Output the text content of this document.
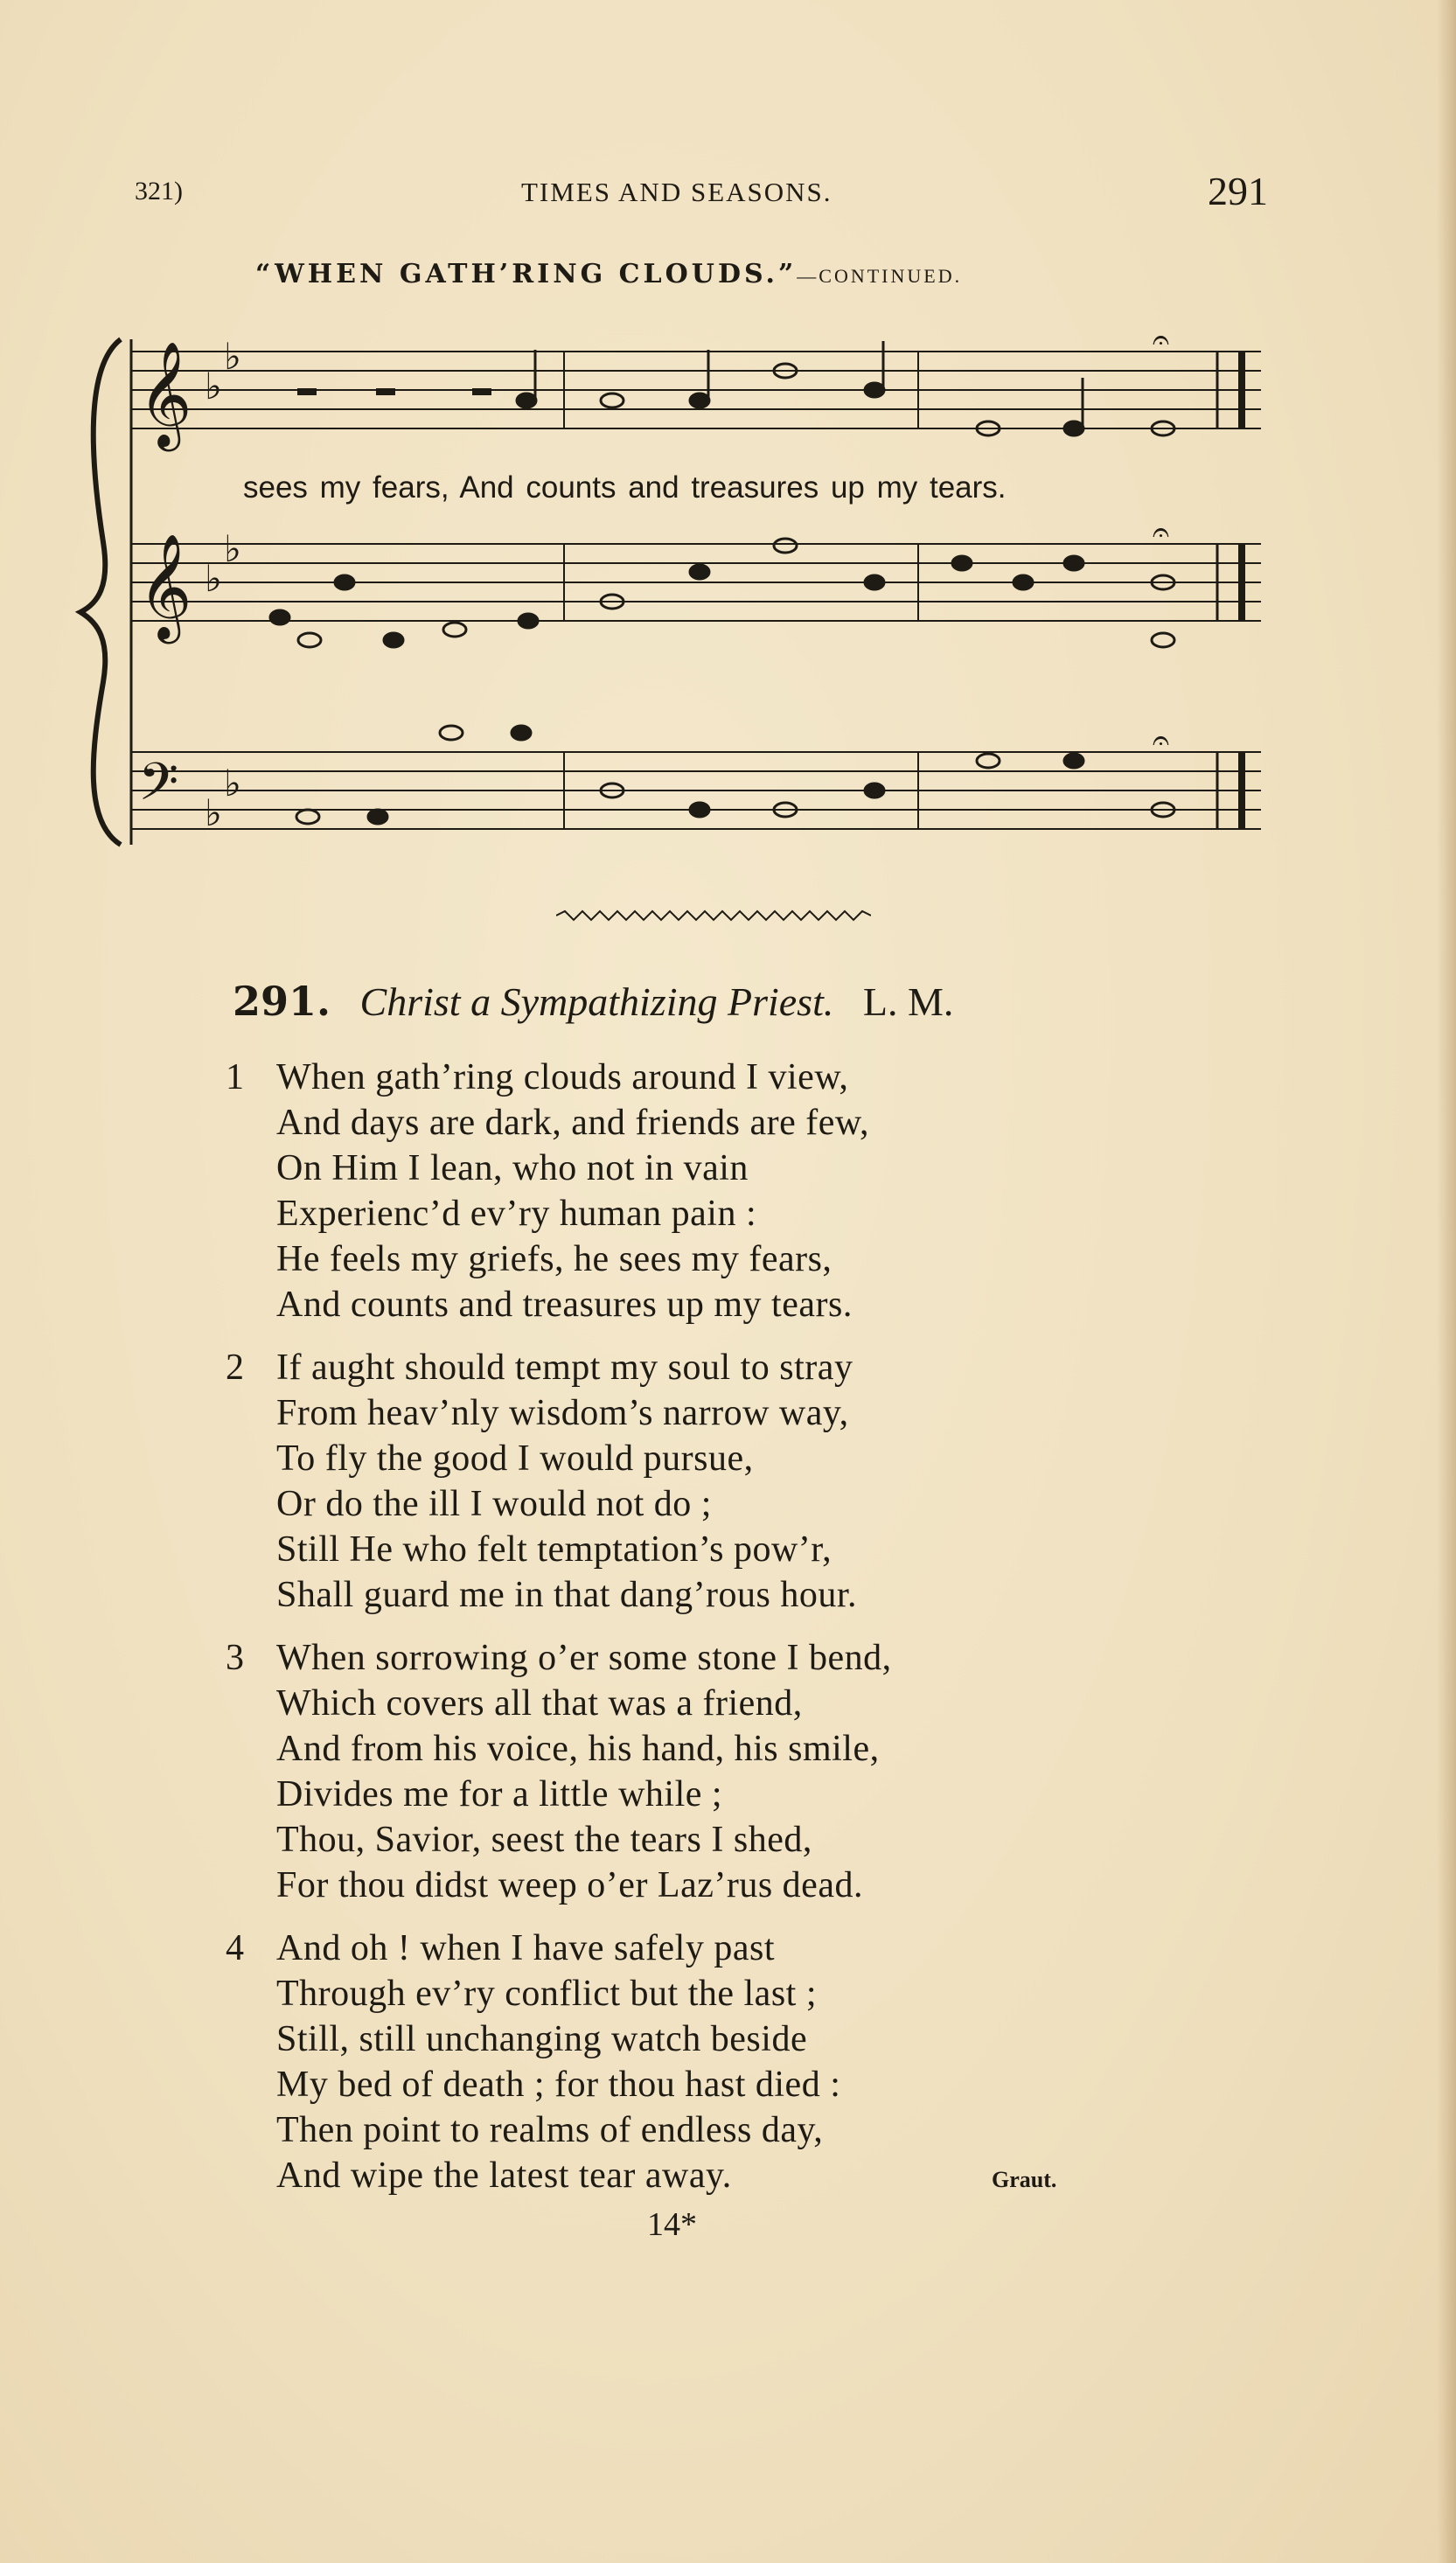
321)	TIMES AND SEASONS.	291
“WHEN GATH’RING CLOUDS.”—CONTINUED.
𝄞 ♭
♭
𝄞 ♭
♭
𝄢 ♭
♭
𝄐
𝄐
𝄐
sees my fears, And counts and treasures up my tears.
291. Christ a Sympathizing Priest. L. M.
1 When gath’ring clouds around I view,
And days are dark, and friends are few,
On Him I lean, who not in vain
Experienc’d ev’ry human pain :
He feels my griefs, he sees my fears,
And counts and treasures up my tears.
2 If aught should tempt my soul to stray
From heav’nly wisdom’s narrow way,
To fly the good I would pursue,
Or do the ill I would not do ;
Still He who felt temptation’s pow’r,
Shall guard me in that dang’rous hour.
3 When sorrowing o’er some stone I bend,
Which covers all that was a friend,
And from his voice, his hand, his smile,
Divides me for a little while ;
Thou, Savior, seest the tears I shed,
For thou didst weep o’er Laz’rus dead.
4 And oh ! when I have safely past
Through ev’ry conflict but the last ;
Still, still unchanging watch beside
My bed of death ; for thou hast died :
Then point to realms of endless day,
And wipe the latest tear away.	Graut.
14*
